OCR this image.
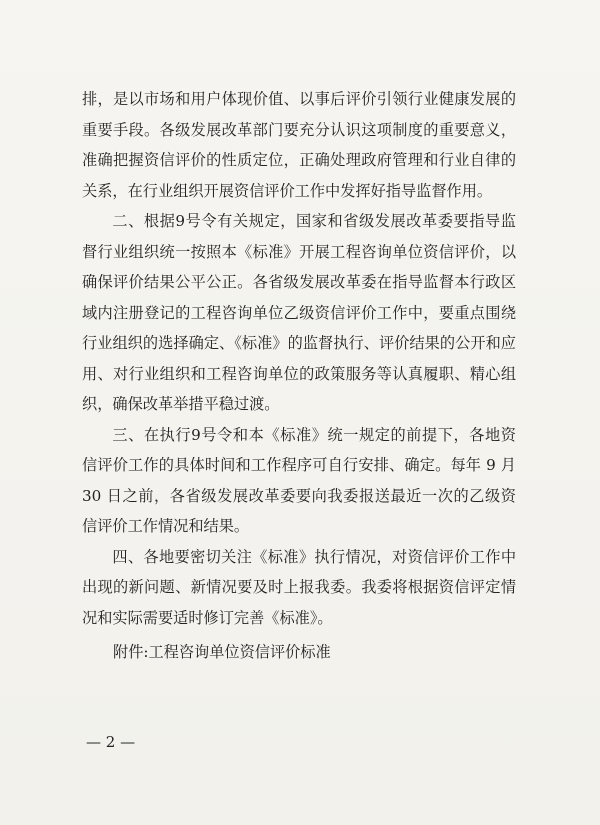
排，是以市场和用户体现价值、以事后评价引领行业健康发展的重要手段。各级发展改革部门要充分认识这项制度的重要意义，准确把握资信评价的性质定位，正确处理政府管理和行业自律的关系，在行业组织开展资信评价工作中发挥好指导监督作用。

二、根据9号令有关规定，国家和省级发展改革委要指导监督行业组织统一按照本《标准》开展工程咨询单位资信评价，以确保评价结果公平公正。各省级发展改革委在指导监督本行政区域内注册登记的工程咨询单位乙级资信评价工作中，要重点围绕行业组织的选择确定、《标准》的监督执行、评价结果的公开和应用、对行业组织和工程咨询单位的政策服务等认真履职、精心组织，确保改革举措平稳过渡。

三、在执行9号令和本《标准》统一规定的前提下，各地资信评价工作的具体时间和工作程序可自行安排、确定。每年 9 月 30 日之前，各省级发展改革委要向我委报送最近一次的乙级资信评价工作情况和结果。

四、各地要密切关注《标准》执行情况，对资信评价工作中出现的新问题、新情况要及时上报我委。我委将根据资信评定情况和实际需要适时修订完善《标准》。

附件:工程咨询单位资信评价标准
— 2 —
